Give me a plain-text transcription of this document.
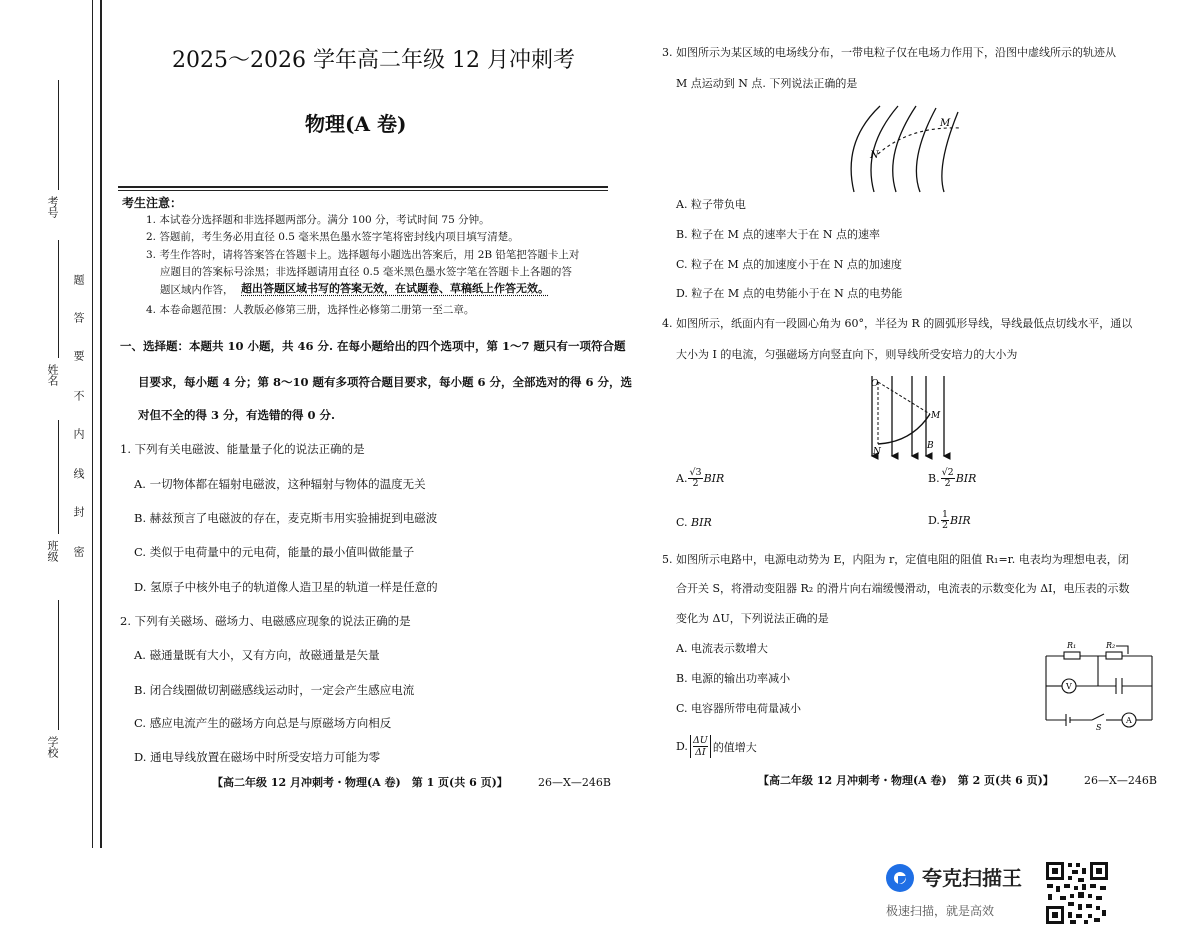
考号
姓名
班级
学校
题
答
要
不
内
线
封
密
2025～2026 学年高二年级 12 月冲刺考
物理(A 卷)
考生注意：
1. 本试卷分选择题和非选择题两部分。满分 100 分，考试时间 75 分钟。
2. 答题前，考生务必用直径 0.5 毫米黑色墨水签字笔将密封线内项目填写清楚。
3. 考生作答时，请将答案答在答题卡上。选择题每小题选出答案后，用 2B 铅笔把答题卡上对
应题目的答案标号涂黑；非选择题请用直径 0.5 毫米黑色墨水签字笔在答题卡上各题的答
题区域内作答， 超出答题区域书写的答案无效，在试题卷、草稿纸上作答无效。
4. 本卷命题范围：人教版必修第三册，选择性必修第二册第一至二章。
一、选择题：本题共 10 小题，共 46 分. 在每小题给出的四个选项中，第 1～7 题只有一项符合题
目要求，每小题 4 分；第 8～10 题有多项符合题目要求，每小题 6 分，全部选对的得 6 分，选
对但不全的得 3 分，有选错的得 0 分.
1. 下列有关电磁波、能量量子化的说法正确的是
A. 一切物体都在辐射电磁波，这种辐射与物体的温度无关
B. 赫兹预言了电磁波的存在，麦克斯韦用实验捕捉到电磁波
C. 类似于电荷量中的元电荷，能量的最小值叫做能量子
D. 氢原子中核外电子的轨道像人造卫星的轨道一样是任意的
2. 下列有关磁场、磁场力、电磁感应现象的说法正确的是
A. 磁通量既有大小，又有方向，故磁通量是矢量
B. 闭合线圈做切割磁感线运动时，一定会产生感应电流
C. 感应电流产生的磁场方向总是与原磁场方向相反
D. 通电导线放置在磁场中时所受安培力可能为零
【高二年级 12 月冲刺考・物理(A 卷)　第 1 页(共 6 页)】	26—X—246B
3. 如图所示为某区域的电场线分布，一带电粒子仅在电场力作用下，沿图中虚线所示的轨迹从
M 点运动到 N 点. 下列说法正确的是
M
N
A. 粒子带负电
B. 粒子在 M 点的速率大于在 N 点的速率
C. 粒子在 M 点的加速度小于在 N 点的加速度
D. 粒子在 M 点的电势能小于在 N 点的电势能
4. 如图所示，纸面内有一段圆心角为 60°，半径为 R 的圆弧形导线，导线最低点切线水平，通以
大小为 I 的电流，匀强磁场方向竖直向下，则导线所受安培力的大小为
O
M
N
B
A. $\frac{√3}{2}$ BIR	B. $\frac{√2}{2}$ BIR
C. BIR	D. $\frac{1}{2}$ BIR
5. 如图所示电路中，电源电动势为 E，内阻为 r，定值电阻的阻值 R₁=r. 电表均为理想电表，闭
合开关 S，将滑动变阻器 R₂ 的滑片向右端缓慢滑动，电流表的示数变化为 ΔI，电压表的示数
变化为 ΔU，下列说法正确的是
R₁	R₂
V
A
S
A. 电流表示数增大
B. 电源的输出功率减小
C. 电容器所带电荷量减小
D. $\frac{\Delta U}{\Delta I}$ 的值增大
【高二年级 12 月冲刺考・物理(A 卷)　第 2 页(共 6 页)】	26—X—246B
夸克扫描王
极速扫描，就是高效
